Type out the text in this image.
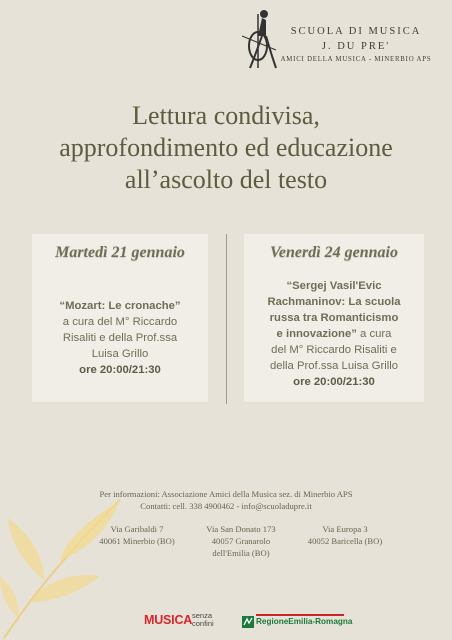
SCUOLA DI MUSICA
J. DU PRE'
AMICI DELLA MUSICA - MINERBIO APS
Lettura condivisa,
approfondimento ed educazione
all’ascolto del testo
Martedì 21 gennaio
“Mozart: Le cronache”
a cura del M° Riccardo
Risaliti e della Prof.ssa
Luisa Grillo
ore 20:00/21:30
Venerdì 24 gennaio
“Sergej Vasil'Evic
Rachmaninov: La scuola
russa tra Romanticismo
e innovazione” a cura
del M° Riccardo Risaliti e
della Prof.ssa Luisa Grillo
ore 20:00/21:30
Per informazioni: Associazione Amici della Musica sez. di Minerbio APS
Contatti: cell. 338 4900462 - info@scuoladupre.it
Via Garibaldi 7
40061 Minerbio (BO)
Via San Donato 173
40057 Granarolo
dell'Emilia (BO)
Via Europa 3
40052 Baricella (BO)
MUSICA senza
confini	RegioneEmilia-Romagna
